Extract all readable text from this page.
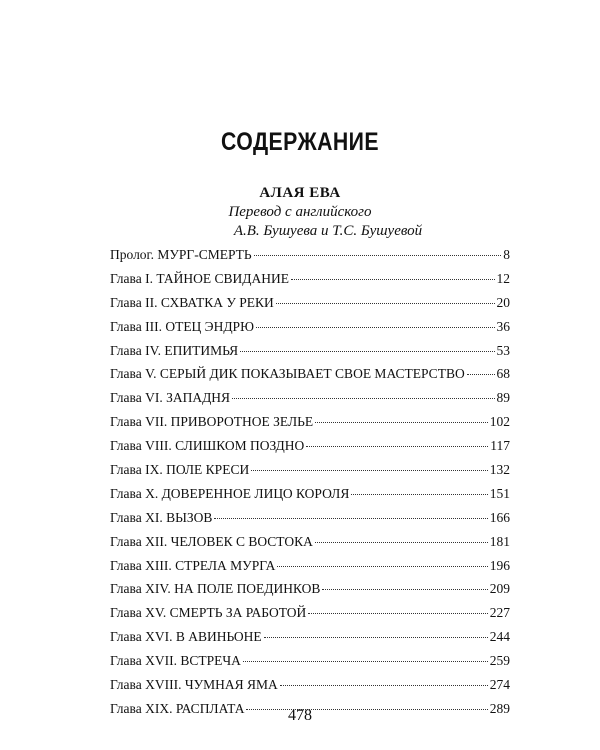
СОДЕРЖАНИЕ
АЛАЯ ЕВА
Перевод с английского
А.В. Бушуева и Т.С. Бушуевой
Пролог. МУРГ-СМЕРТЬ	8
Глава I. ТАЙНОЕ СВИДАНИЕ	12
Глава II. СХВАТКА У РЕКИ	20
Глава III. ОТЕЦ ЭНДРЮ	36
Глава IV. ЕПИТИМЬЯ	53
Глава V. СЕРЫЙ ДИК ПОКАЗЫВАЕТ СВОЕ МАСТЕРСТВО 68
Глава VI. ЗАПАДНЯ	89
Глава VII. ПРИВОРОТНОЕ ЗЕЛЬЕ	102
Глава VIII. СЛИШКОМ ПОЗДНО	117
Глава IX. ПОЛЕ КРЕСИ	132
Глава X. ДОВЕРЕННОЕ ЛИЦО КОРОЛЯ	151
Глава XI. ВЫЗОВ	166
Глава XII. ЧЕЛОВЕК С ВОСТОКА	181
Глава XIII. СТРЕЛА МУРГА	196
Глава XIV. НА ПОЛЕ ПОЕДИНКОВ	209
Глава XV. СМЕРТЬ ЗА РАБОТОЙ	227
Глава XVI. В АВИНЬОНЕ	244
Глава XVII. ВСТРЕЧА	259
Глава XVIII. ЧУМНАЯ ЯМА	274
Глава XIX. РАСПЛАТА	289
478
